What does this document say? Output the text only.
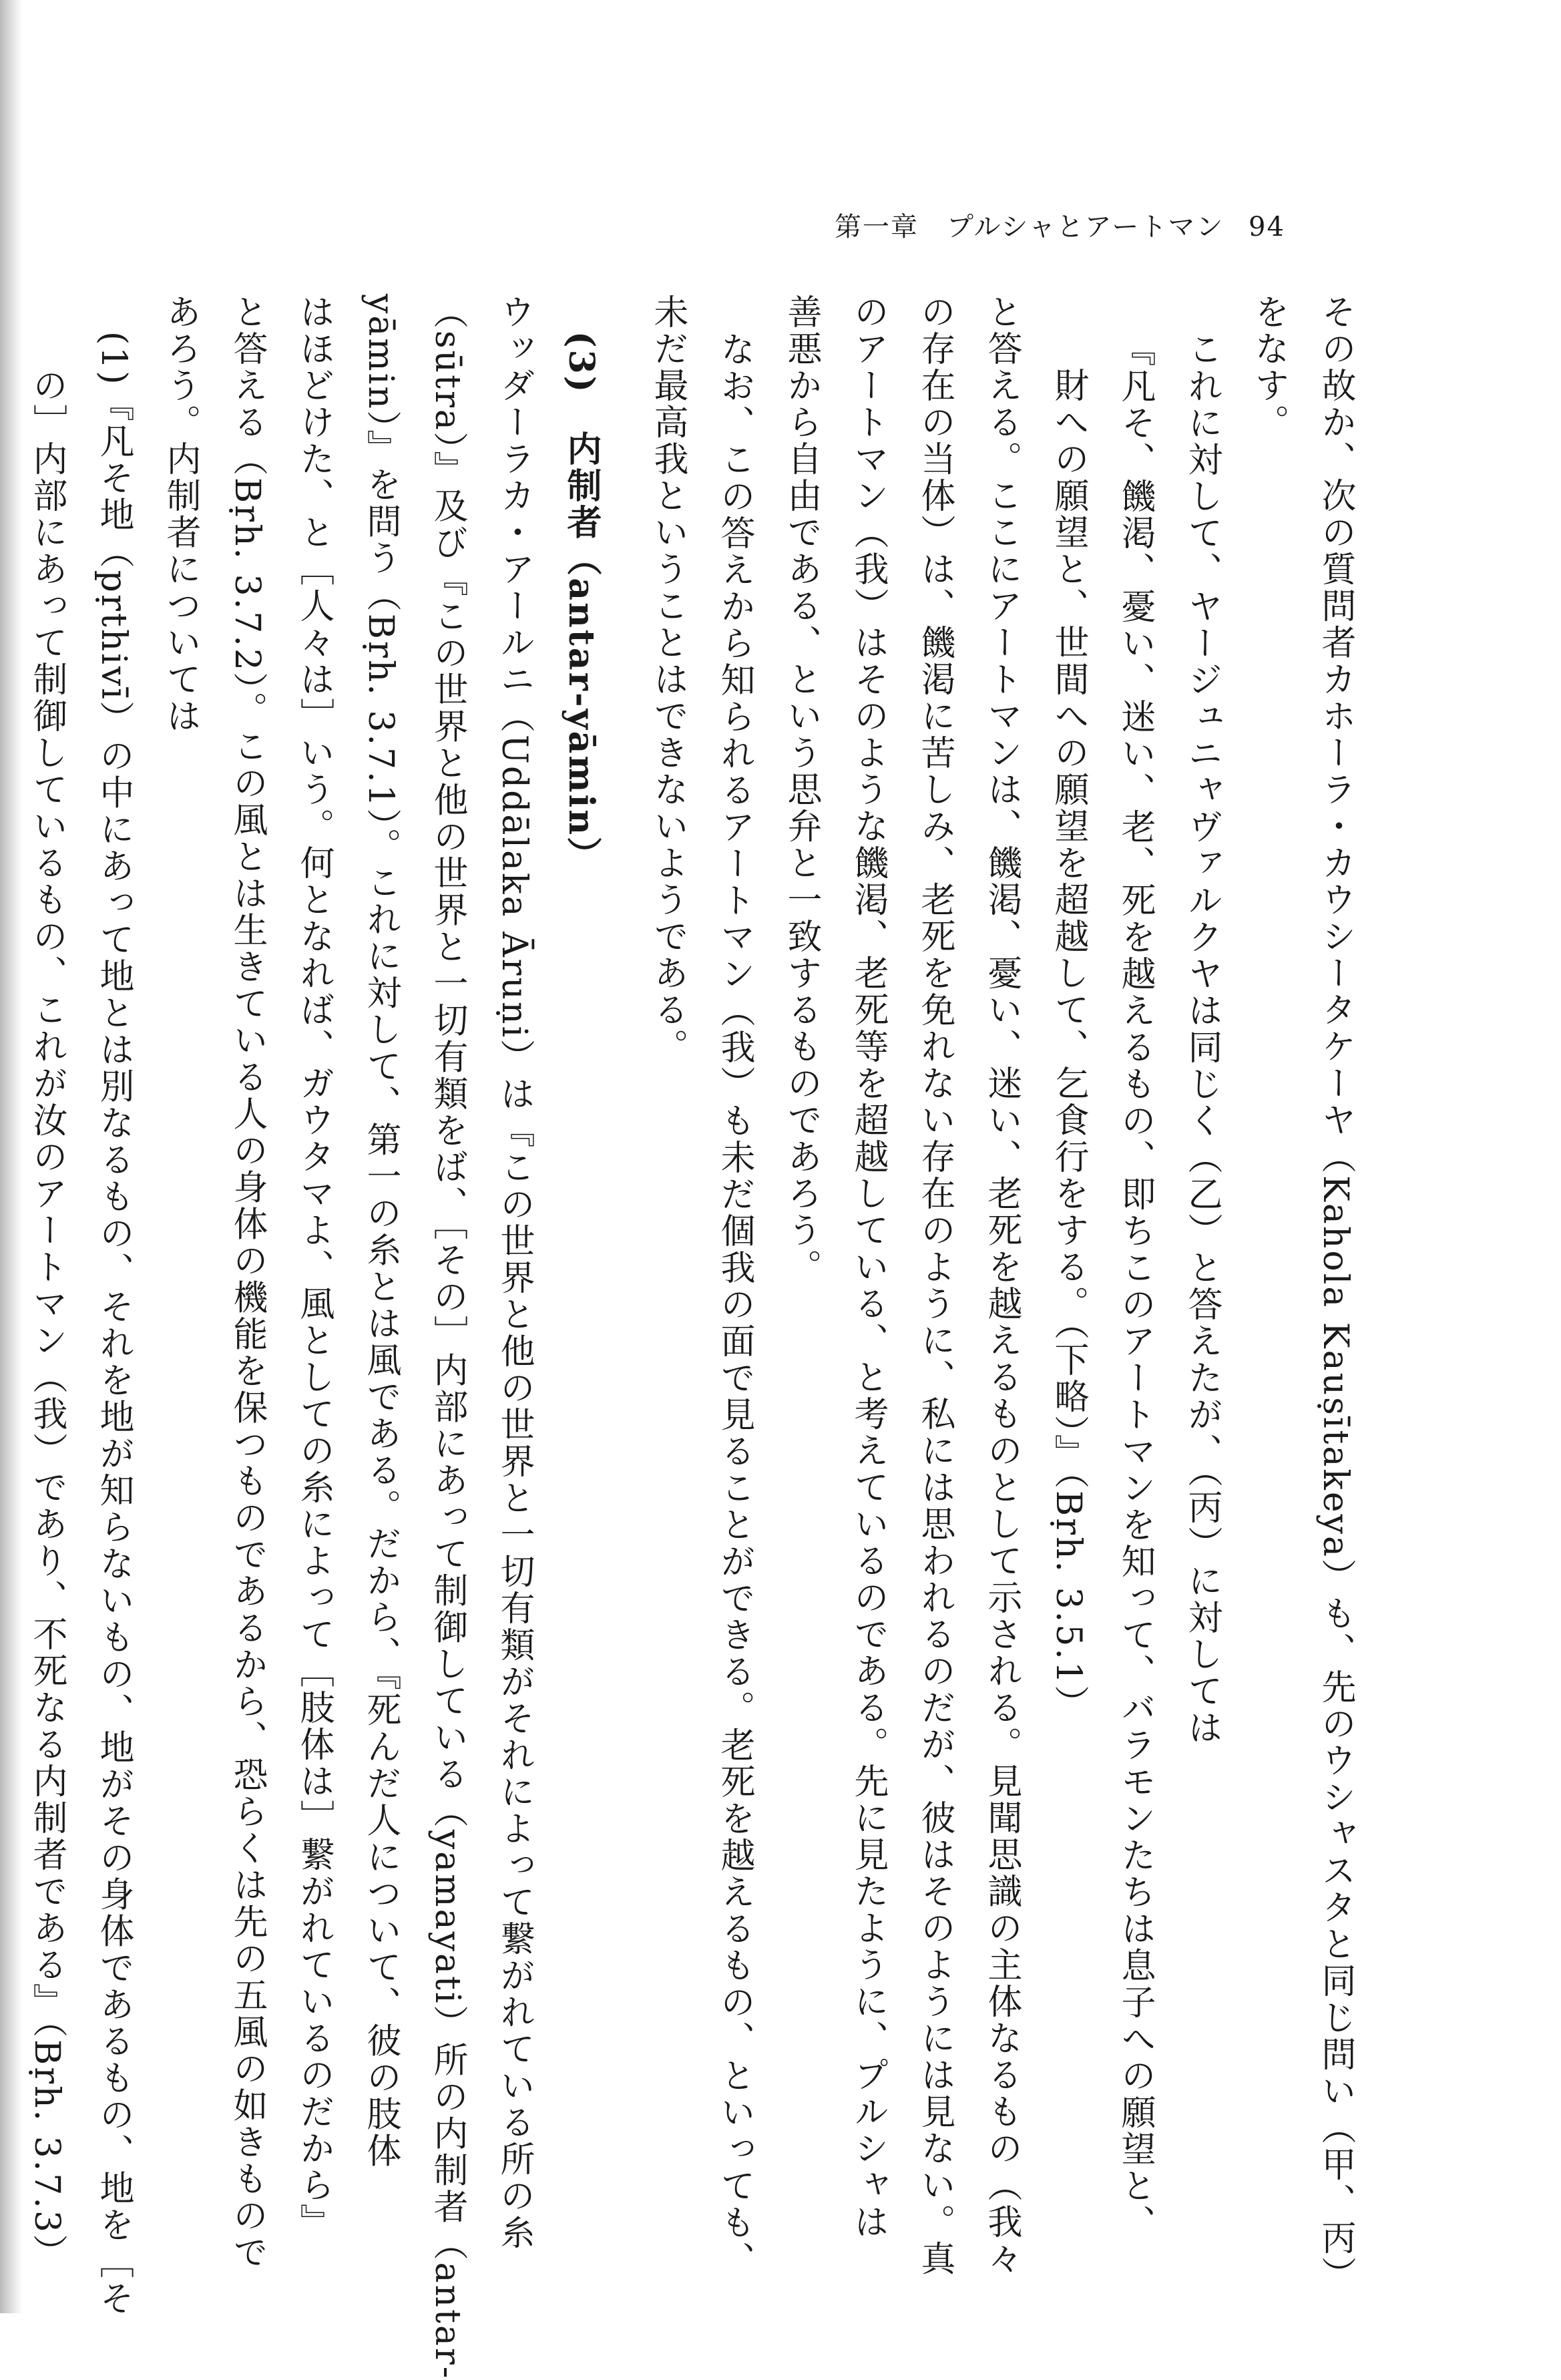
第一章　プルシャとアートマン 94
その故か、次の質問者カホーラ・カウシータケーヤ（Kahola Kauṣītakeya）も、先のウシャスタと同じ問い（甲、丙）
をなす。
これに対して、ヤージュニャヴァルクヤは同じく（乙）と答えたが、（丙）に対しては
『凡そ、饑渇、憂い、迷い、老、死を越えるもの、即ちこのアートマンを知って、バラモンたちは息子への願望と、
財への願望と、世間への願望を超越して、乞食行をする。（下略）』（Bṛh. 3.5.1）
と答える。ここにアートマンは、饑渇、憂い、迷い、老死を越えるものとして示される。見聞思識の主体なるもの（我々
の存在の当体）は、饑渇に苦しみ、老死を免れない存在のように、私には思われるのだが、彼はそのようには見ない。真
のアートマン（我）はそのような饑渇、老死等を超越している、と考えているのである。先に見たように、プルシャは
善悪から自由である、という思弁と一致するものであろう。
なお、この答えから知られるアートマン（我）も未だ個我の面で見ることができる。老死を越えるもの、といっても、
未だ最高我ということはできないようである。
(3)　内制者（antar-yāmin）
ウッダーラカ・アールニ（Uddālaka Āruṇi）は『この世界と他の世界と一切有類がそれによって繋がれている所の糸
（sūtra）』及び『この世界と他の世界と一切有類をば、［その］内部にあって制御している（yamayati）所の内制者（antar-
yāmin）』を問う（Bṛh. 3.7.1）。これに対して、第一の糸とは風である。だから、『死んだ人について、彼の肢体
はほどけた、と［人々は］いう。何となれば、ガウタマよ、風としての糸によって［肢体は］繋がれているのだから』
と答える（Bṛh. 3.7.2）。この風とは生きている人の身体の機能を保つものであるから、恐らくは先の五風の如きもので
あろう。内制者については
(1)『凡そ地（pṛthivī）の中にあって地とは別なるもの、それを地が知らないもの、地がその身体であるもの、地を［そ
の］内部にあって制御しているもの、これが汝のアートマン（我）であり、不死なる内制者である』（Bṛh. 3.7.3）
